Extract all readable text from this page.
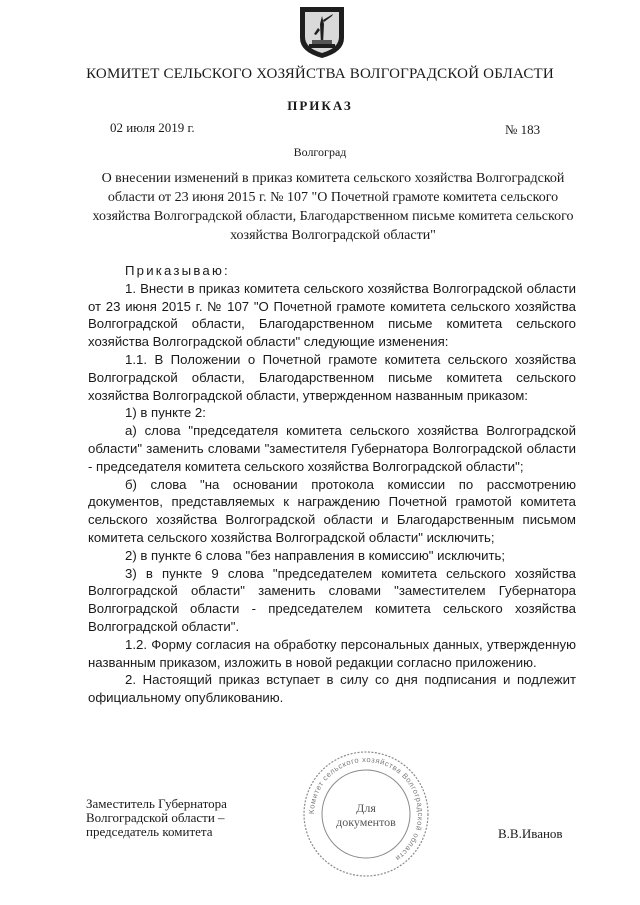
КОМИТЕТ СЕЛЬСКОГО ХОЗЯЙСТВА ВОЛГОГРАДСКОЙ ОБЛАСТИ
ПРИКАЗ
02 июля 2019 г.	№ 183
Волгоград
О внесении изменений в приказ комитета сельского хозяйства Волгоградской области от 23 июня 2015 г. № 107 "О Почетной грамоте комитета сельского хозяйства Волгоградской области, Благодарственном письме комитета сельского хозяйства Волгоградской области"

Приказываю:

1. Внести в приказ комитета сельского хозяйства Волгоградской области от 23 июня 2015 г. № 107 "О Почетной грамоте комитета сельского хозяйства Волгоградской области, Благодарственном письме комитета сельского хозяйства Волгоградской области" следующие изменения:

1.1. В Положении о Почетной грамоте комитета сельского хозяйства Волгоградской области, Благодарственном письме комитета сельского хозяйства Волгоградской области, утвержденном названным приказом:

1) в пункте 2:

а) слова "председателя комитета сельского хозяйства Волгоградской области" заменить словами "заместителя Губернатора Волгоградской области - председателя комитета сельского хозяйства Волгоградской области";

б) слова "на основании протокола комиссии по рассмотрению документов, представляемых к награждению Почетной грамотой комитета сельского хозяйства Волгоградской области и Благодарственным письмом комитета сельского хозяйства Волгоградской области" исключить;

2) в пункте 6 слова "без направления в комиссию" исключить;

3) в пункте 9 слова "председателем комитета сельского хозяйства Волгоградской области" заменить словами "заместителем Губернатора Волгоградской области - председателем комитета сельского хозяйства Волгоградской области".

1.2. Форму согласия на обработку персональных данных, утвержденную названным приказом, изложить в новой редакции согласно приложению.

2. Настоящий приказ вступает в силу со дня подписания и подлежит официальному опубликованию.

Заместитель Губернатора
Волгоградской области –
председатель комитета	В.В.Иванов
Комитет сельского хозяйства Волгоградской области
Для
документов
